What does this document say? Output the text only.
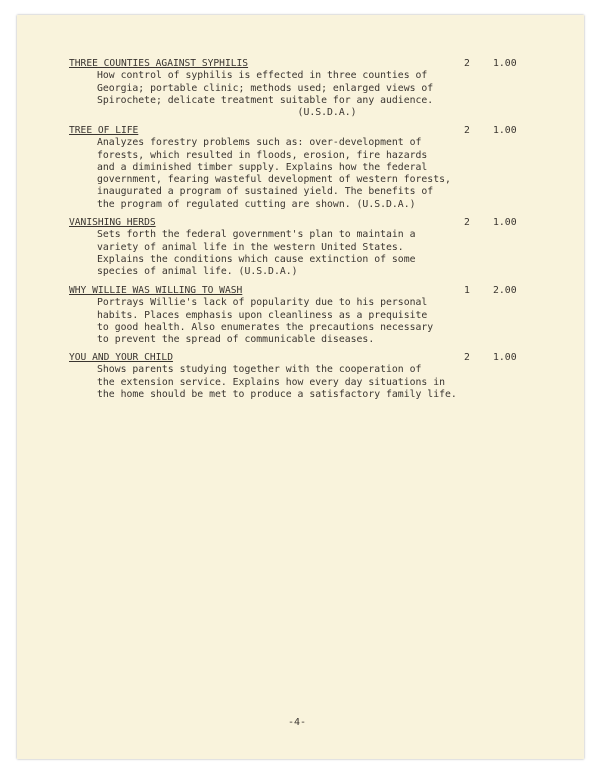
THREE COUNTIES AGAINST SYPHILIS
How control of syphilis is effected in three counties of
Georgia; portable clinic; methods used; enlarged views of
Spirochete; delicate treatment suitable for any audience.
(U.S.D.A.)
2 1.00
TREE OF LIFE
Analyzes forestry problems such as: over-development of
forests, which resulted in floods, erosion, fire hazards
and a diminished timber supply. Explains how the federal
government, fearing wasteful development of western forests,
inaugurated a program of sustained yield. The benefits of
the program of regulated cutting are shown. (U.S.D.A.)
2 1.00
VANISHING HERDS
Sets forth the federal government's plan to maintain a
variety of animal life in the western United States.
Explains the conditions which cause extinction of some
species of animal life. (U.S.D.A.)
2 1.00
WHY WILLIE WAS WILLING TO WASH
Portrays Willie's lack of popularity due to his personal
habits. Places emphasis upon cleanliness as a prequisite
to good health. Also enumerates the precautions necessary
to prevent the spread of communicable diseases.
1 2.00
YOU AND YOUR CHILD
Shows parents studying together with the cooperation of
the extension service. Explains how every day situations in
the home should be met to produce a satisfactory family life.
2 1.00
-4-
